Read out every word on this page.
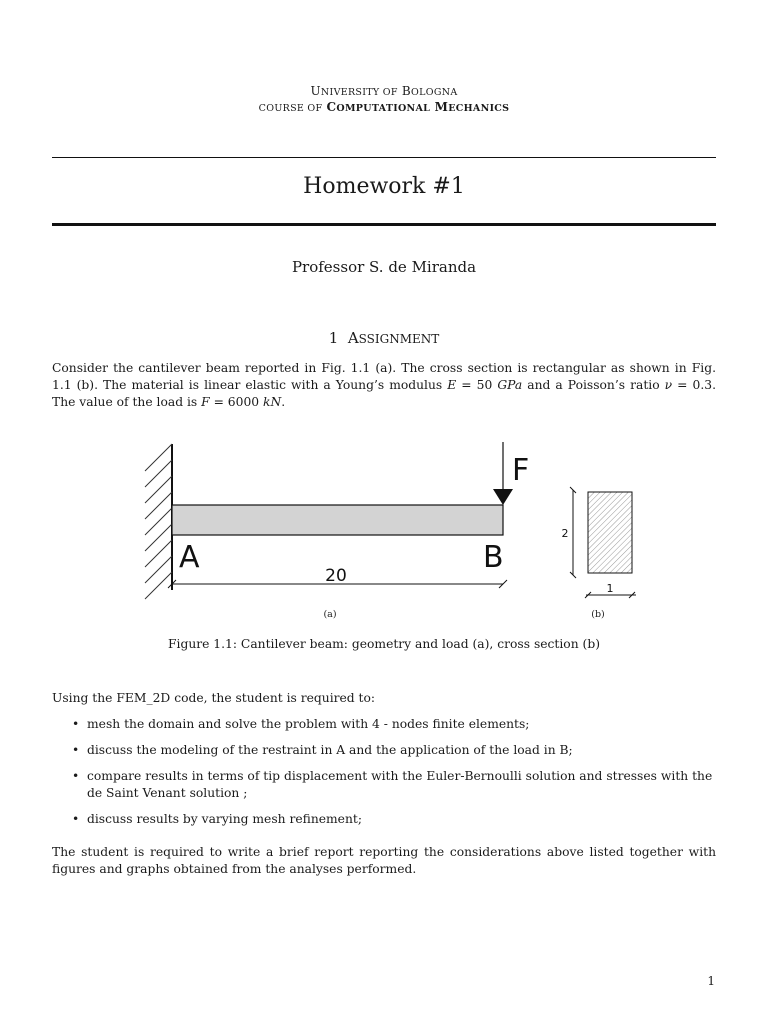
UNIVERSITY OF BOLOGNA
COURSE OF COMPUTATIONAL MECHANICS
Homework #1
Professor S. de Miranda
1 ASSIGNMENT
Consider the cantilever beam reported in Fig. 1.1 (a). The cross section is rectangular as shown in Fig. 1.1 (b). The material is linear elastic with a Young’s modulus E = 50 GPa and a Poisson’s ratio ν = 0.3. The value of the load is F = 6000 kN.
F
A	B
20
2
1
(a)	(b)
Figure 1.1: Cantilever beam: geometry and load (a), cross section (b)
Using the FEM_2D code, the student is required to:
• mesh the domain and solve the problem with 4 - nodes finite elements;
• discuss the modeling of the restraint in A and the application of the load in B;
• compare results in terms of tip displacement with the Euler-Bernoulli solution and stresses with the de Saint Venant solution ;
• discuss results by varying mesh refinement;
The student is required to write a brief report reporting the considerations above listed together with figures and graphs obtained from the analyses performed.
1
